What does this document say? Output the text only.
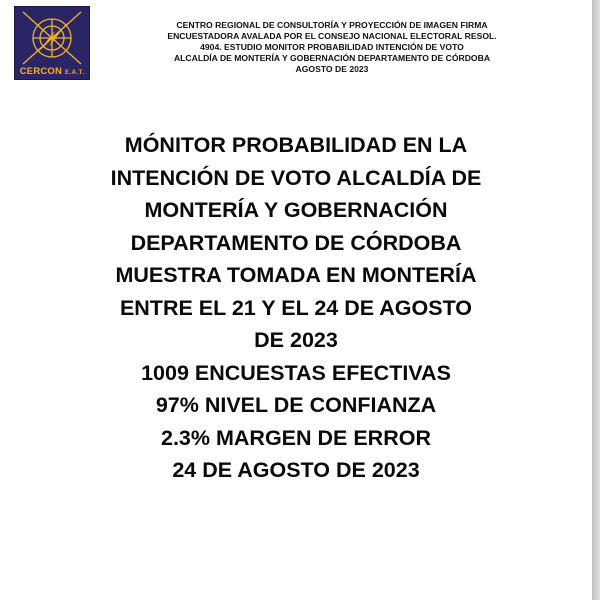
CERCON E.A.T.
CENTRO REGIONAL DE CONSULTORÍA Y PROYECCIÓN DE IMAGEN FIRMA
ENCUESTADORA AVALADA POR EL CONSEJO NACIONAL ELECTORAL RESOL.
4904. ESTUDIO MONITOR PROBABILIDAD INTENCIÓN DE VOTO
ALCALDÍA DE MONTERÍA Y GOBERNACIÓN DEPARTAMENTO DE CÓRDOBA
AGOSTO DE 2023
MÓNITOR PROBABILIDAD EN LA
INTENCIÓN DE VOTO ALCALDÍA DE
MONTERÍA Y GOBERNACIÓN
DEPARTAMENTO DE CÓRDOBA
MUESTRA TOMADA EN MONTERÍA
ENTRE EL 21 Y EL 24 DE AGOSTO
DE 2023
1009 ENCUESTAS EFECTIVAS
97% NIVEL DE CONFIANZA
2.3% MARGEN DE ERROR
24 DE AGOSTO DE 2023
